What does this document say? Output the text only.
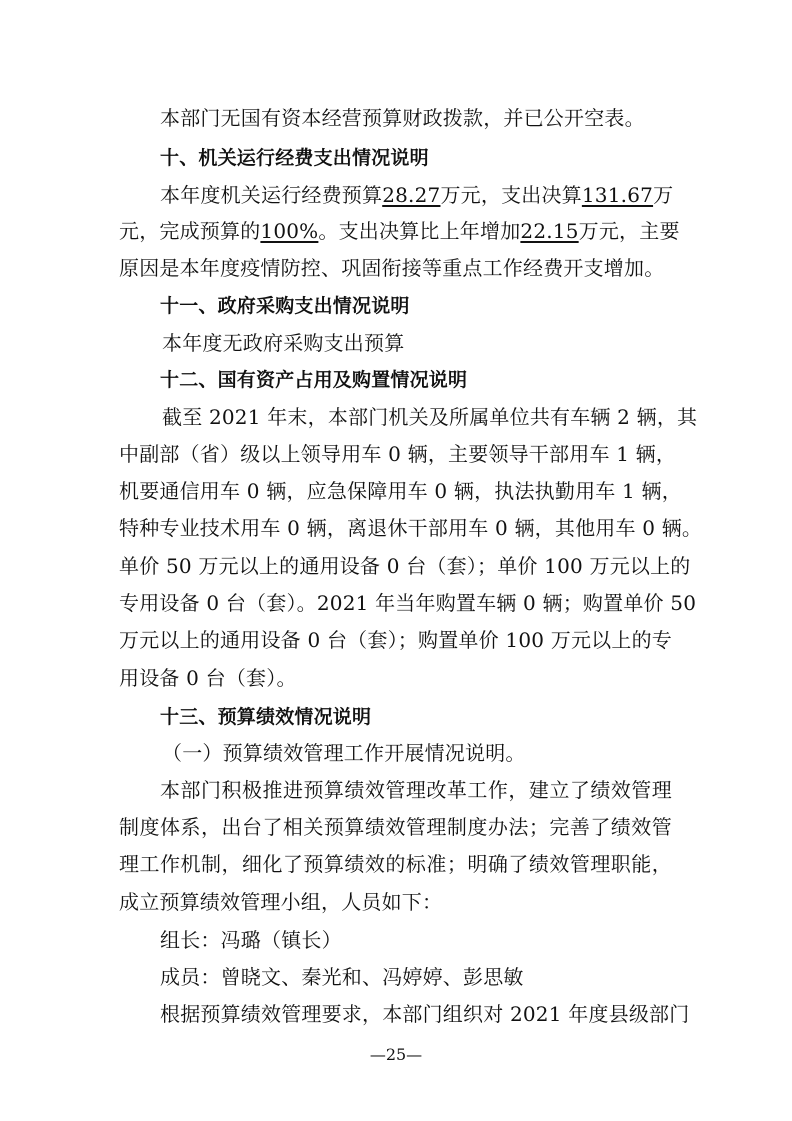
本部门无国有资本经营预算财政拨款，并已公开空表。
十、机关运行经费支出情况说明
本年度机关运行经费预算28.27万元，支出决算131.67万
元，完成预算的100%。支出决算比上年增加22.15万元，主要
原因是本年度疫情防控、巩固衔接等重点工作经费开支增加。
十一、政府采购支出情况说明
本年度无政府采购支出预算
十二、国有资产占用及购置情况说明
截至 2021 年末，本部门机关及所属单位共有车辆 2 辆，其
中副部（省）级以上领导用车 0 辆，主要领导干部用车 1 辆，
机要通信用车 0 辆，应急保障用车 0 辆，执法执勤用车 1 辆，
特种专业技术用车 0 辆，离退休干部用车 0 辆，其他用车 0 辆。
单价 50 万元以上的通用设备 0 台（套）；单价 100 万元以上的
专用设备 0 台（套）。2021 年当年购置车辆 0 辆；购置单价 50
万元以上的通用设备 0 台（套）；购置单价 100 万元以上的专
用设备 0 台（套）。
十三、预算绩效情况说明
（一）预算绩效管理工作开展情况说明。
本部门积极推进预算绩效管理改革工作，建立了绩效管理
制度体系，出台了相关预算绩效管理制度办法；完善了绩效管
理工作机制，细化了预算绩效的标准；明确了绩效管理职能，
成立预算绩效管理小组，人员如下：
组长：冯璐（镇长）
成员：曾晓文、秦光和、冯婷婷、彭思敏
根据预算绩效管理要求，本部门组织对 2021 年度县级部门
—25—
